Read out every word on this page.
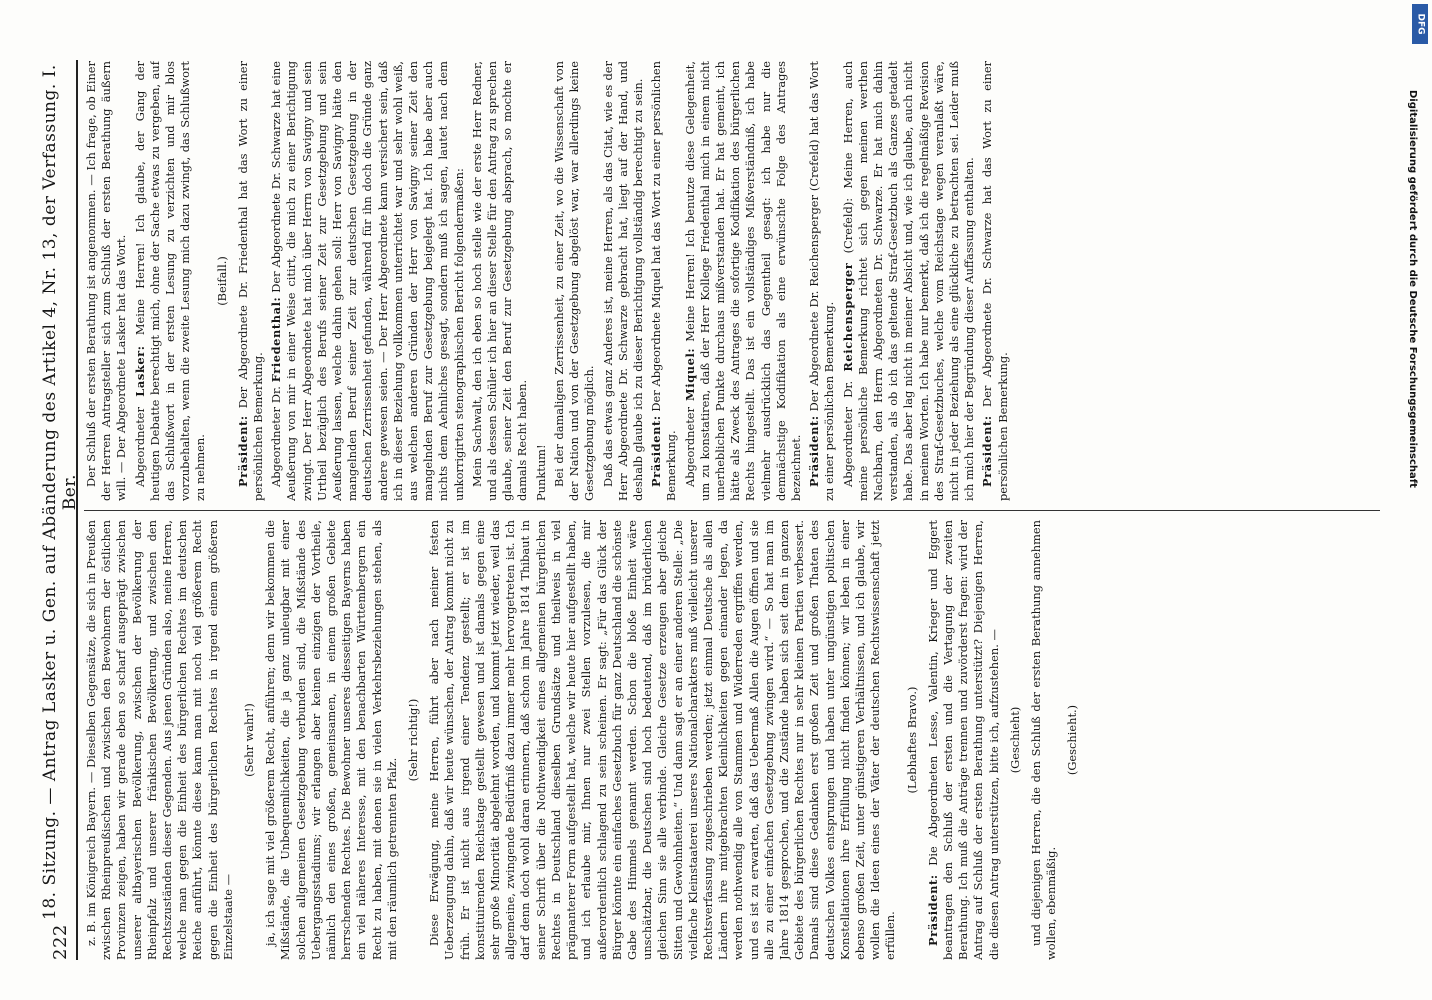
222
18. Sitzung. — Antrag Lasker u. Gen. auf Abänderung des Artikel 4, Nr. 13, der Verfassung. I. Ber.

z. B. im Königreich Bayern. — Dieselben Gegensätze, die sich in Preußen zwischen Rheinpreußischen und zwischen den Bewohnern der östlichen Provinzen zeigen, haben wir gerade eben so scharf ausgeprägt zwischen unserer altbayerischen Bevölkerung, zwischen der Bevölkerung der Rheinpfalz und unserer fränkischen Bevölkerung, und zwischen den Rechtszuständen dieser Gegenden. Aus jenen Gründen also, meine Herren, welche man gegen die Einheit des bürgerlichen Rechtes im deutschen Reiche anführt, könnte diese kann man mit noch viel größerem Recht gegen die Einheit des bürgerlichen Rechtes in irgend einem größeren Einzelstaate —

(Sehr wahr!) ja, ich sage mit viel größerem Recht, anführen; denn wir bekommen die Mißstände, die Unbequemlichkeiten, die ja ganz unleugbar mit einer solchen allgemeinen Gesetzgebung verbunden sind, die Mißstände des Uebergangsstadiums; wir erlangen aber keinen einzigen der Vortheile, nämlich den eines großen, gemeinsamen, in einem großen Gebiete herrschenden Rechtes. Die Bewohner unseres diesseitigen Bayerns haben ein viel näheres Interesse, mit den benachbarten Württembergern ein Recht zu haben, mit denen sie in vielen Verkehrsbeziehungen stehen, als mit den räumlich getrennten Pfalz.

(Sehr richtig!) Diese Erwägung, meine Herren, führt aber nach meiner festen Ueberzeugung dahin, daß wir heute wünschen, der Antrag kommt nicht zu früh. Er ist nicht aus irgend einer Tendenz gestellt; er ist im konstituirenden Reichstage gestellt gewesen und ist damals gegen eine sehr große Minorität abgelehnt worden, und kommt jetzt wieder, weil das allgemeine, zwingende Bedürfniß dazu immer mehr hervorgetreten ist. Ich darf denn doch wohl daran erinnern, daß schon im Jahre 1814 Thibaut in seiner Schrift über die Nothwendigkeit eines allgemeinen bürgerlichen Rechtes in Deutschland dieselben Grundsätze und theilweis in viel prägnanterer Form aufgestellt hat, welche wir heute hier aufgestellt haben, und ich erlaube mir, Ihnen nur zwei Stellen vorzulesen, die mir außerordentlich schlagend zu sein scheinen. Er sagt: „Für das Glück der Bürger könnte ein einfaches Gesetzbuch für ganz Deutschland die schönste Gabe des Himmels genannt werden. Schon die bloße Einheit wäre unschätzbar, die Deutschen sind hoch bedeutend, daß im brüderlichen gleichen Sinn sie alle verbinde. Gleiche Gesetze erzeugen aber gleiche Sitten und Gewohnheiten.“ Und dann sagt er an einer anderen Stelle: „Die vielfache Kleinstaaterei unseres Nationalcharakters muß vielleicht unserer Rechtsverfassung zugeschrieben werden; jetzt einmal Deutsche als allen Ländern ihre mitgebrachten Kleinlichkeiten gegen einander legen, da werden nothwendig alle von Stammen und Widerreden ergriffen werden, und es ist zu erwarten, daß das Uebermaß Allen die Augen öffnen und sie alle zu einer einfachen Gesetzgebung zwingen wird.“ — So hat man im Jahre 1814 gesprochen, und die Zustände haben sich seit dem in ganzen Gebiete des bürgerlichen Rechtes nur in sehr kleinen Partien verbessert. Damals sind diese Gedanken erst großen Zeit und großen Thaten des deutschen Volkes entsprungen und haben unter ungünstigen politischen Konstellationen ihre Erfüllung nicht finden können; wir leben in einer ebenso großen Zeit, unter günstigeren Verhältnissen, und ich glaube, wir wollen die Ideen eines der Väter der deutschen Rechtswissenschaft jetzt erfüllen.

(Lebhaftes Bravo.)

Präsident: Die Abgeordneten Lesse, Valentin, Krieger und Eggert beantragen den Schluß der ersten und die Vertagung der zweiten Berathung. Ich muß die Anträge trennen und zuvörderst fragen: wird der Antrag auf Schluß der ersten Berathung unterstützt? Diejenigen Herren, die diesen Antrag unterstützen, bitte ich, aufzustehen. — (Geschieht) und diejenigen Herren, die den Schluß der ersten Berathung annehmen wollen, ebenmäßig.

(Geschieht.)

Der Schluß der ersten Berathung ist angenommen. — Ich frage, ob Einer der Herren Antragsteller sich zum Schluß der ersten Berathung äußern will. — Der Abgeordnete Lasker hat das Wort. Abgeordneter Lasker: Meine Herren! Ich glaube, der Gang der heutigen Debatte berechtigt mich, ohne der Sache etwas zu vergeben, auf das Schlußwort in der ersten Lesung zu verzichten und mir blos vorzubehalten, wenn die zweite Lesung mich dazu zwingt, das Schlußwort zu nehmen.

(Beifall.)

Präsident: Der Abgeordnete Dr. Friedenthal hat das Wort zu einer persönlichen Bemerkung. Abgeordneter Dr. Friedenthal: Der Abgeordnete Dr. Schwarze hat eine Aeußerung von mir in einer Weise citirt, die mich zu einer Berichtigung zwingt. Der Herr Abgeordnete hat mich über Herrn von Savigny und sein Urtheil bezüglich des Berufs seiner Zeit zur Gesetzgebung und sein Aeußerung lassen, welche dahin gehen soll: Herr von Savigny hätte den mangelnden Beruf seiner Zeit zur deutschen Gesetzgebung in der deutschen Zerrissenheit gefunden, während für ihn doch die Gründe ganz andere gewesen seien. — Der Herr Abgeordnete kann versichert sein, daß ich in dieser Beziehung vollkommen unterrichtet war und sehr wohl weiß, aus welchen anderen Gründen der Herr von Savigny seiner Zeit den mangelnden Beruf zur Gesetzgebung beigelegt hat. Ich habe aber auch nichts dem Aehnliches gesagt, sondern muß ich sagen, lautet nach dem unkorrigirten stenographischen Bericht folgendermaßen: Mein Sachwalt, den ich eben so hoch stelle wie der erste Herr Redner, und als dessen Schüler ich hier an dieser Stelle für den Antrag zu sprechen glaube, seiner Zeit den Beruf zur Gesetzgebung absprach, so mochte er damals Recht haben. Punktum! Bei der damaligen Zerrissenheit, zu einer Zeit, wo die Wissenschaft von der Nation und von der Gesetzgebung abgelöst war, war allerdings keine Gesetzgebung möglich. Daß das etwas ganz Anderes ist, meine Herren, als das Citat, wie es der Herr Abgeordnete Dr. Schwarze gebracht hat, liegt auf der Hand, und deshalb glaube ich zu dieser Berichtigung vollständig berechtigt zu sein. Präsident: Der Abgeordnete Miquel hat das Wort zu einer persönlichen Bemerkung. Abgeordneter Miquel: Meine Herren! Ich benutze diese Gelegenheit, um zu konstatiren, daß der Herr Kollege Friedenthal mich in einem nicht unerheblichen Punkte durchaus mißverstanden hat. Er hat gemeint, ich hätte als Zweck des Antrages die sofortige Kodifikation des bürgerlichen Rechts hingestellt. Das ist ein vollständiges Mißverständniß, ich habe vielmehr ausdrücklich das Gegentheil gesagt: ich habe nur die demnächstige Kodifikation als eine erwünschte Folge des Antrages bezeichnet. Präsident: Der Abgeordnete Dr. Reichensperger (Crefeld) hat das Wort zu einer persönlichen Bemerkung. Abgeordneter Dr. Reichensperger (Crefeld): Meine Herren, auch meine persönliche Bemerkung richtet sich gegen meinen werthen Nachbarn, den Herrn Abgeordneten Dr. Schwarze. Er hat mich dahin verstanden, als ob ich das geltende Straf-Gesetzbuch als Ganzes getadelt habe. Das aber lag nicht in meiner Absicht und, wie ich glaube, auch nicht in meinen Worten. Ich habe nur bemerkt, daß ich die regelmäßige Revision des Straf-Gesetzbuches, welche vom Reichstage wegen veranlaßt wäre, nicht in jeder Beziehung als eine glückliche zu betrachten sei. Leider muß ich mich hier der Begründung dieser Auffassung enthalten. Präsident: Der Abgeordnete Dr. Schwarze hat das Wort zu einer persönlichen Bemerkung.	Digitalisierung gefördert durch die Deutsche Forschungsgemeinschaft
DFG
